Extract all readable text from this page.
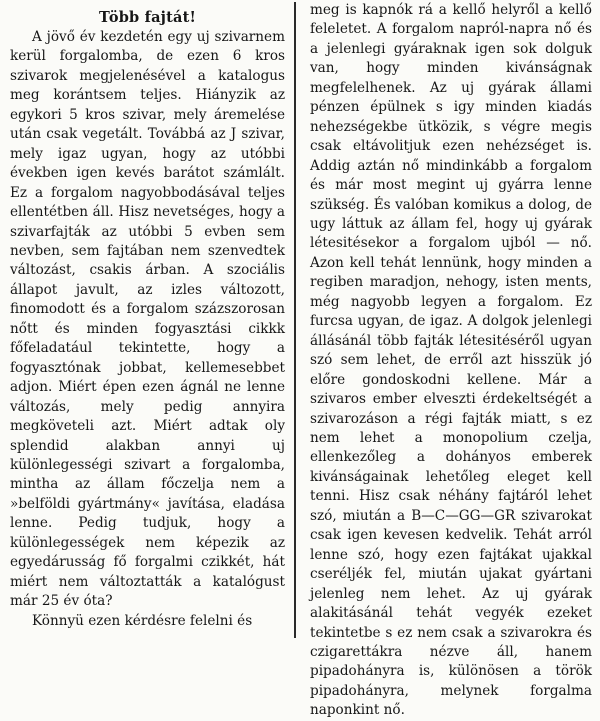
Több fajtát!

A jövő év kezdetén egy uj szivarnem kerül forgalomba, de ezen 6 kros szivarok megjelenésével a katalogus meg korántsem teljes. Hiányzik az egykori 5 kros szivar, mely áremelése után csak vegetált. Továbbá az J szivar, mely igaz ugyan, hogy az utóbbi években igen kevés barátot számlált. Ez a forgalom nagyobbodásával teljes ellentétben áll. Hisz nevetséges, hogy a szivarfajták az utóbbi 5 evben sem nevben, sem fajtában nem szenvedtek változást, csakis árban. A szociális állapot javult, az izles változott, finomodott és a forgalom százszorosan nőtt és minden fogyasztási cikkk főfeladatául tekintette, hogy a fogyasztónak jobbat, kellemesebbet adjon. Miért épen ezen ágnál ne lenne változás, mely pedig annyira megköveteli azt. Miért adtak oly splendid alakban annyi uj különlegességi szivart a forgalomba, mintha az állam főczelja nem a »belföldi gyártmány« javítása, eladása lenne. Pedig tudjuk, hogy a különlegességek nem képezik az egyedárusság fő forgalmi czikkét, hát miért nem változtatták a katalógust már 25 év óta?

Könnyü ezen kérdésre felelni és

meg is kapnók rá a kellő helyről a kellő feleletet. A forgalom napról-napra nő és a jelenlegi gyáraknak igen sok dolguk van, hogy minden kivánságnak megfelelhenek. Az uj gyárak állami pénzen épülnek s igy minden kiadás nehezségekbe ütközik, s végre megis csak eltávolitjuk ezen nehézséget is. Addig aztán nő mindinkább a forgalom és már most megint uj gyárra lenne szükség. És valóban komikus a dolog, de ugy láttuk az állam fel, hogy uj gyárak létesitésekor a forgalom ujból — nő. Azon kell tehát lennünk, hogy minden a regiben maradjon, nehogy, isten ments, még nagyobb legyen a forgalom. Ez furcsa ugyan, de igaz. A dolgok jelenlegi állásánál több fajták létesitéséről ugyan szó sem lehet, de erről azt hisszük jó előre gondoskodni kellene. Már a szivaros ember elveszti érdekeltségét a szivarozáson a régi fajták miatt, s ez nem lehet a monopolium czelja, ellenkezőleg a dohányos emberek kivánságainak lehetőleg eleget kell tenni. Hisz csak néhány fajtáról lehet szó, miután a B—C—GG—GR szivarokat csak igen kevesen kedvelik. Tehát arról lenne szó, hogy ezen fajtákat ujakkal cseréljék fel, miután ujakat gyártani jelenleg nem lehet. Az uj gyárak alakitásánál tehát vegyék ezeket tekintetbe s ez nem csak a szivarokra és czigarettákra nézve áll, hanem pipadohányra is, különösen a török pipadohányra, melynek forgalma naponkint nő.
